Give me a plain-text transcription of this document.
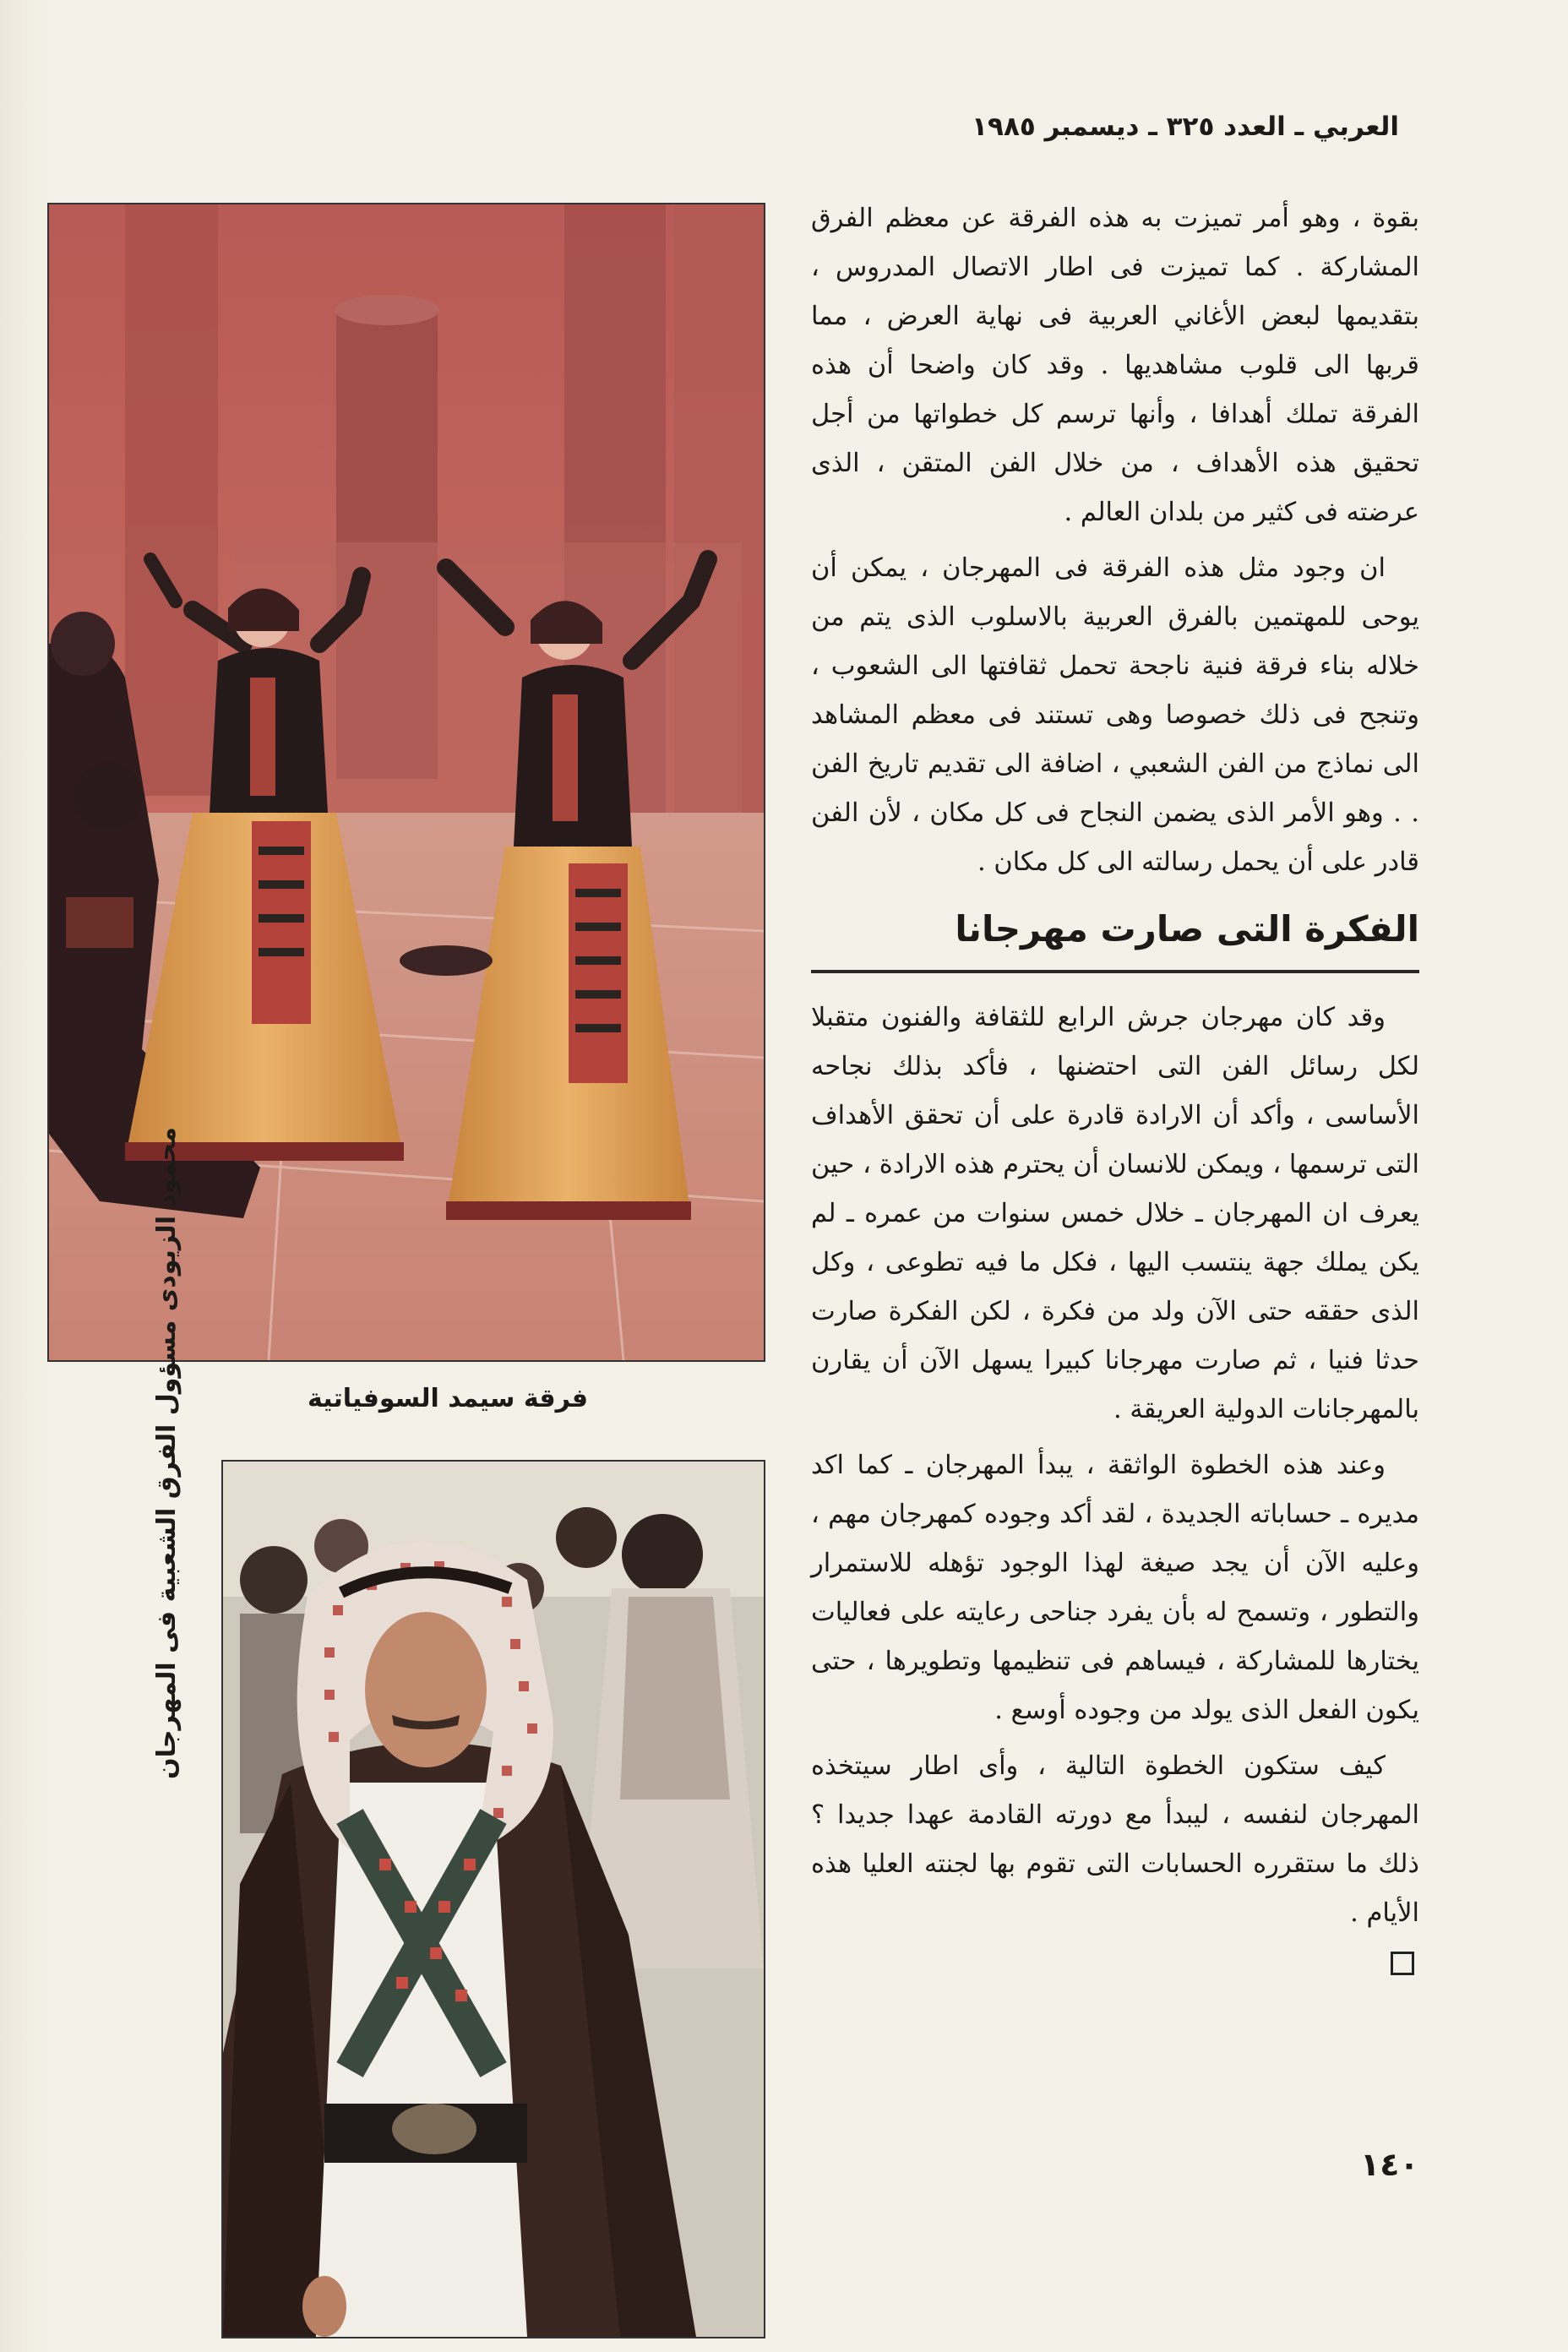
العربي ـ العدد ٣٢٥ ـ ديسمبر ١٩٨٥
فرقة سيمد السوفياتية
محمود الزيودى مسؤول الفرق الشعبية فى المهرجان

بقوة ، وهو أمر تميزت به هذه الفرقة عن معظم الفرق المشاركة . كما تميزت فى اطار الاتصال المدروس ، بتقديمها لبعض الأغاني العربية فى نهاية العرض ، مما قربها الى قلوب مشاهديها . وقد كان واضحا أن هذه الفرقة تملك أهدافا ، وأنها ترسم كل خطواتها من أجل تحقيق هذه الأهداف ، من خلال الفن المتقن ، الذى عرضته فى كثير من بلدان العالم .

ان وجود مثل هذه الفرقة فى المهرجان ، يمكن أن يوحى للمهتمين بالفرق العربية بالاسلوب الذى يتم من خلاله بناء فرقة فنية ناجحة تحمل ثقافتها الى الشعوب ، وتنجح فى ذلك خصوصا وهى تستند فى معظم المشاهد الى نماذج من الفن الشعبي ، اضافة الى تقديم تاريخ الفن . . وهو الأمر الذى يضمن النجاح فى كل مكان ، لأن الفن قادر على أن يحمل رسالته الى كل مكان .

الفكرة التى صارت مهرجانا

وقد كان مهرجان جرش الرابع للثقافة والفنون متقبلا لكل رسائل الفن التى احتضنها ، فأكد بذلك نجاحه الأساسى ، وأكد أن الارادة قادرة على أن تحقق الأهداف التى ترسمها ، ويمكن للانسان أن يحترم هذه الارادة ، حين يعرف ان المهرجان ـ خلال خمس سنوات من عمره ـ لم يكن يملك جهة ينتسب اليها ، فكل ما فيه تطوعى ، وكل الذى حققه حتى الآن ولد من فكرة ، لكن الفكرة صارت حدثا فنيا ، ثم صارت مهرجانا كبيرا يسهل الآن أن يقارن بالمهرجانات الدولية العريقة .

وعند هذه الخطوة الواثقة ، يبدأ المهرجان ـ كما اكد مديره ـ حساباته الجديدة ، لقد أكد وجوده كمهرجان مهم ، وعليه الآن أن يجد صيغة لهذا الوجود تؤهله للاستمرار والتطور ، وتسمح له بأن يفرد جناحى رعايته على فعاليات يختارها للمشاركة ، فيساهم فى تنظيمها وتطويرها ، حتى يكون الفعل الذى يولد من وجوده أوسع .

كيف ستكون الخطوة التالية ، وأى اطار سيتخذه المهرجان لنفسه ، ليبدأ مع دورته القادمة عهدا جديدا ؟ ذلك ما ستقرره الحسابات التى تقوم بها لجنته العليا هذه الأيام .

١٤٠
